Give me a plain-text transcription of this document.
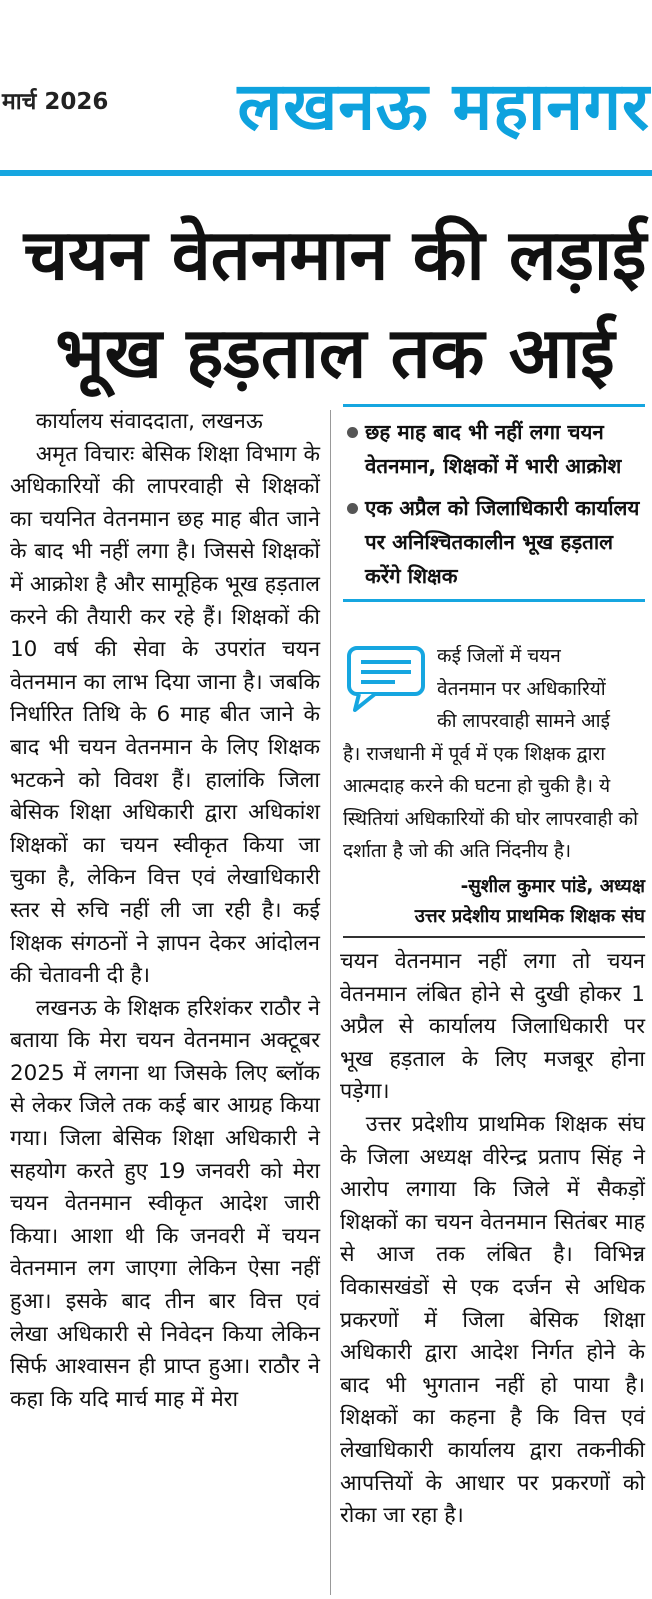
मार्च 2026	लखनऊ महानगर
चयन वेतनमान की लड़ाई
भूख हड़ताल तक आई
कार्यालय संवाददाता, लखनऊ

अमृत विचारः बेसिक शिक्षा विभाग के अधिकारियों की लापरवाही से शिक्षकों का चयनित वेतनमान छह माह बीत जाने के बाद भी नहीं लगा है। जिससे शिक्षकों में आक्रोश है और सामूहिक भूख हड़ताल करने की तैयारी कर रहे हैं। शिक्षकों की 10 वर्ष की सेवा के उपरांत चयन वेतनमान का लाभ दिया जाना है। जबकि निर्धारित तिथि के 6 माह बीत जाने के बाद भी चयन वेतनमान के लिए शिक्षक भटकने को विवश हैं। हालांकि जिला बेसिक शिक्षा अधिकारी द्वारा अधिकांश शिक्षकों का चयन स्वीकृत किया जा चुका है, लेकिन वित्त एवं लेखाधिकारी स्तर से रुचि नहीं ली जा रही है। कई शिक्षक संगठनों ने ज्ञापन देकर आंदोलन की चेतावनी दी है।

लखनऊ के शिक्षक हरिशंकर राठौर ने बताया कि मेरा चयन वेतनमान अक्टूबर 2025 में लगना था जिसके लिए ब्लॉक से लेकर जिले तक कई बार आग्रह किया गया। जिला बेसिक शिक्षा अधिकारी ने सहयोग करते हुए 19 जनवरी को मेरा चयन वेतनमान स्वीकृत आदेश जारी किया। आशा थी कि जनवरी में चयन वेतनमान लग जाएगा लेकिन ऐसा नहीं हुआ। इसके बाद तीन बार वित्त एवं लेखा अधिकारी से निवेदन किया लेकिन सिर्फ आश्वासन ही प्राप्त हुआ। राठौर ने कहा कि यदि मार्च माह में मेरा

छह माह बाद भी नहीं लगा चयन वेतनमान, शिक्षकों में भारी आक्रोश
एक अप्रैल को जिलाधिकारी कार्यालय पर अनिश्चितकालीन भूख हड़ताल करेंगे शिक्षक
कई जिलों में चयन
वेतनमान पर अधिकारियों
की लापरवाही सामने आई
है। राजधानी में पूर्व में एक शिक्षक द्वारा आत्मदाह करने की घटना हो चुकी है। ये स्थितियां अधिकारियों की घोर लापरवाही को दर्शाता है जो की अति निंदनीय है।
-सुशील कुमार पांडे, अध्यक्ष
उत्तर प्रदेशीय प्राथमिक शिक्षक संघ

चयन वेतनमान नहीं लगा तो चयन वेतनमान लंबित होने से दुखी होकर 1 अप्रैल से कार्यालय जिलाधिकारी पर भूख हड़ताल के लिए मजबूर होना पड़ेगा।

उत्तर प्रदेशीय प्राथमिक शिक्षक संघ के जिला अध्यक्ष वीरेन्द्र प्रताप सिंह ने आरोप लगाया कि जिले में सैकड़ों शिक्षकों का चयन वेतनमान सितंबर माह से आज तक लंबित है। विभिन्न विकासखंडों से एक दर्जन से अधिक प्रकरणों में जिला बेसिक शिक्षा अधिकारी द्वारा आदेश निर्गत होने के बाद भी भुगतान नहीं हो पाया है। शिक्षकों का कहना है कि वित्त एवं लेखाधिकारी कार्यालय द्वारा तकनीकी आपत्तियों के आधार पर प्रकरणों को रोका जा रहा है।
